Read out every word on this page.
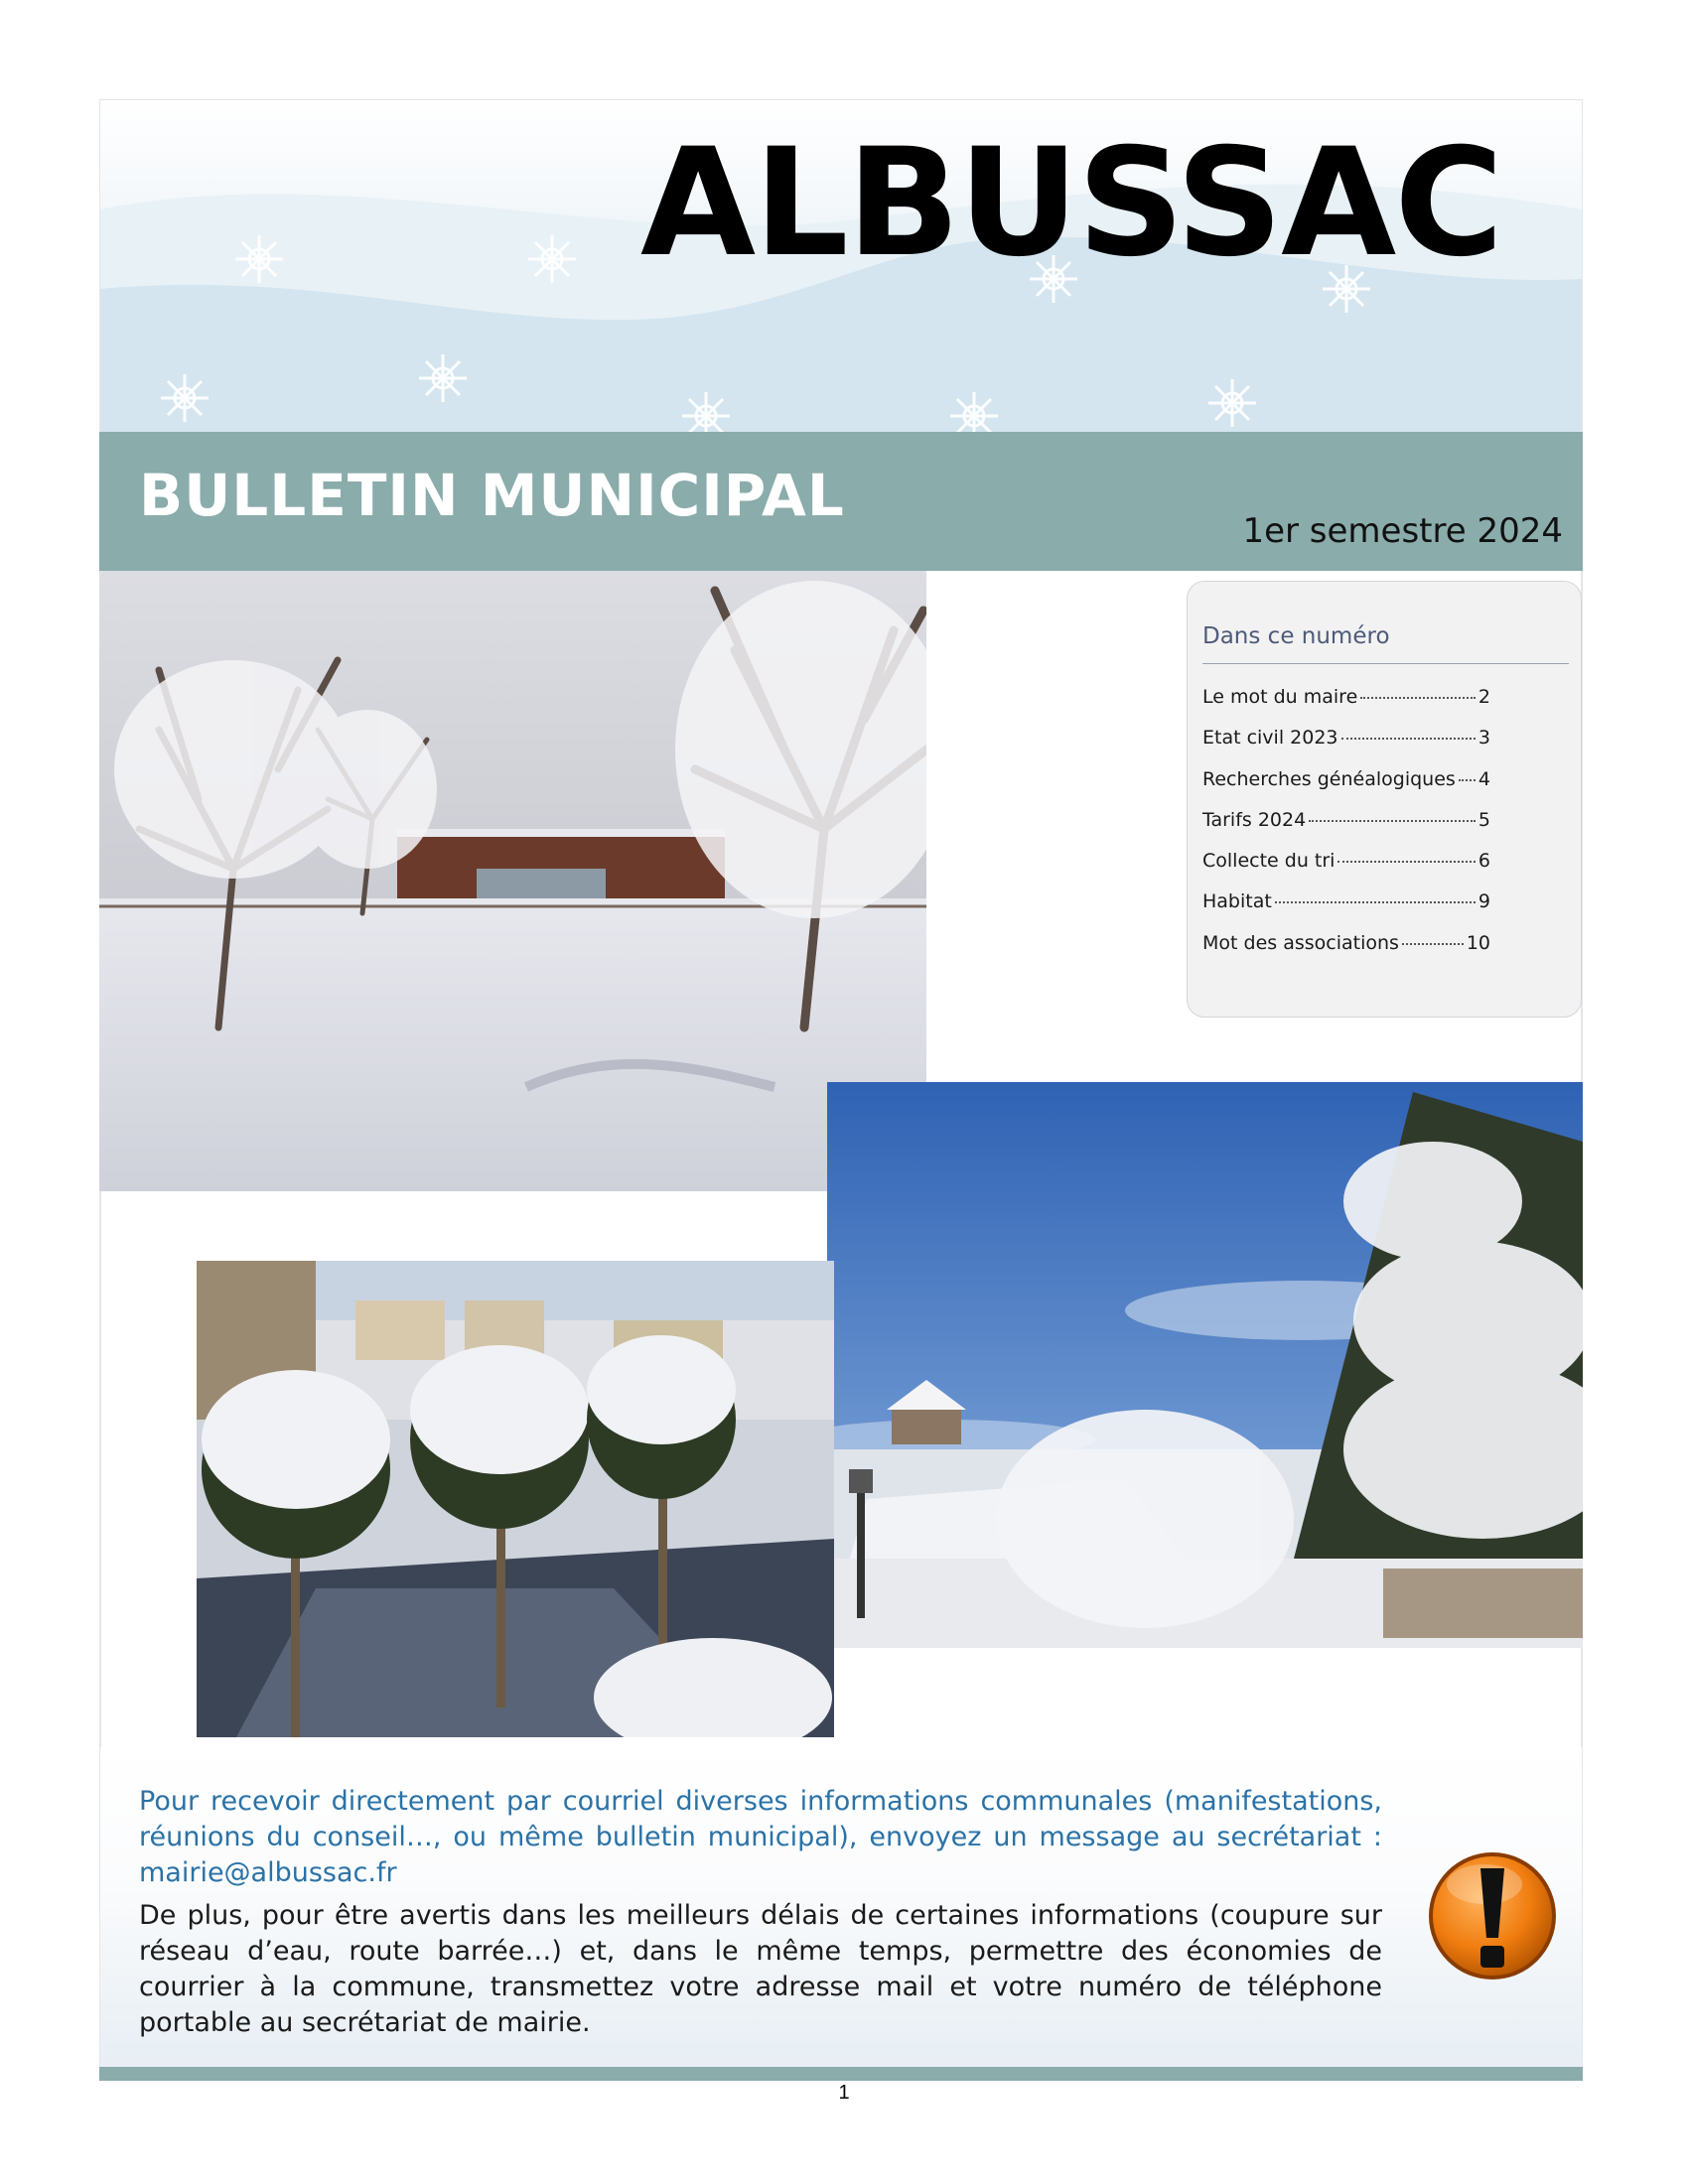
ALBUSSAC
BULLETIN MUNICIPAL
1er semestre 2024
Dans ce numéro
Le mot du maire	2
Etat civil 2023	3
Recherches généalogiques 4
Tarifs 2024	5
Collecte du tri	6
Habitat	9
Mot des associations	10

Pour recevoir directement par courriel diverses informations communales (manifestations, réunions du conseil…, ou même bulletin municipal), envoyez un message au secrétariat : mairie@albussac.fr

De plus, pour être avertis dans les meilleurs délais de certaines informations (coupure sur réseau d’eau, route barrée…) et, dans le même temps, permettre des économies de courrier à la commune, transmettez votre adresse mail et votre numéro de téléphone portable au secrétariat de mairie.

1
